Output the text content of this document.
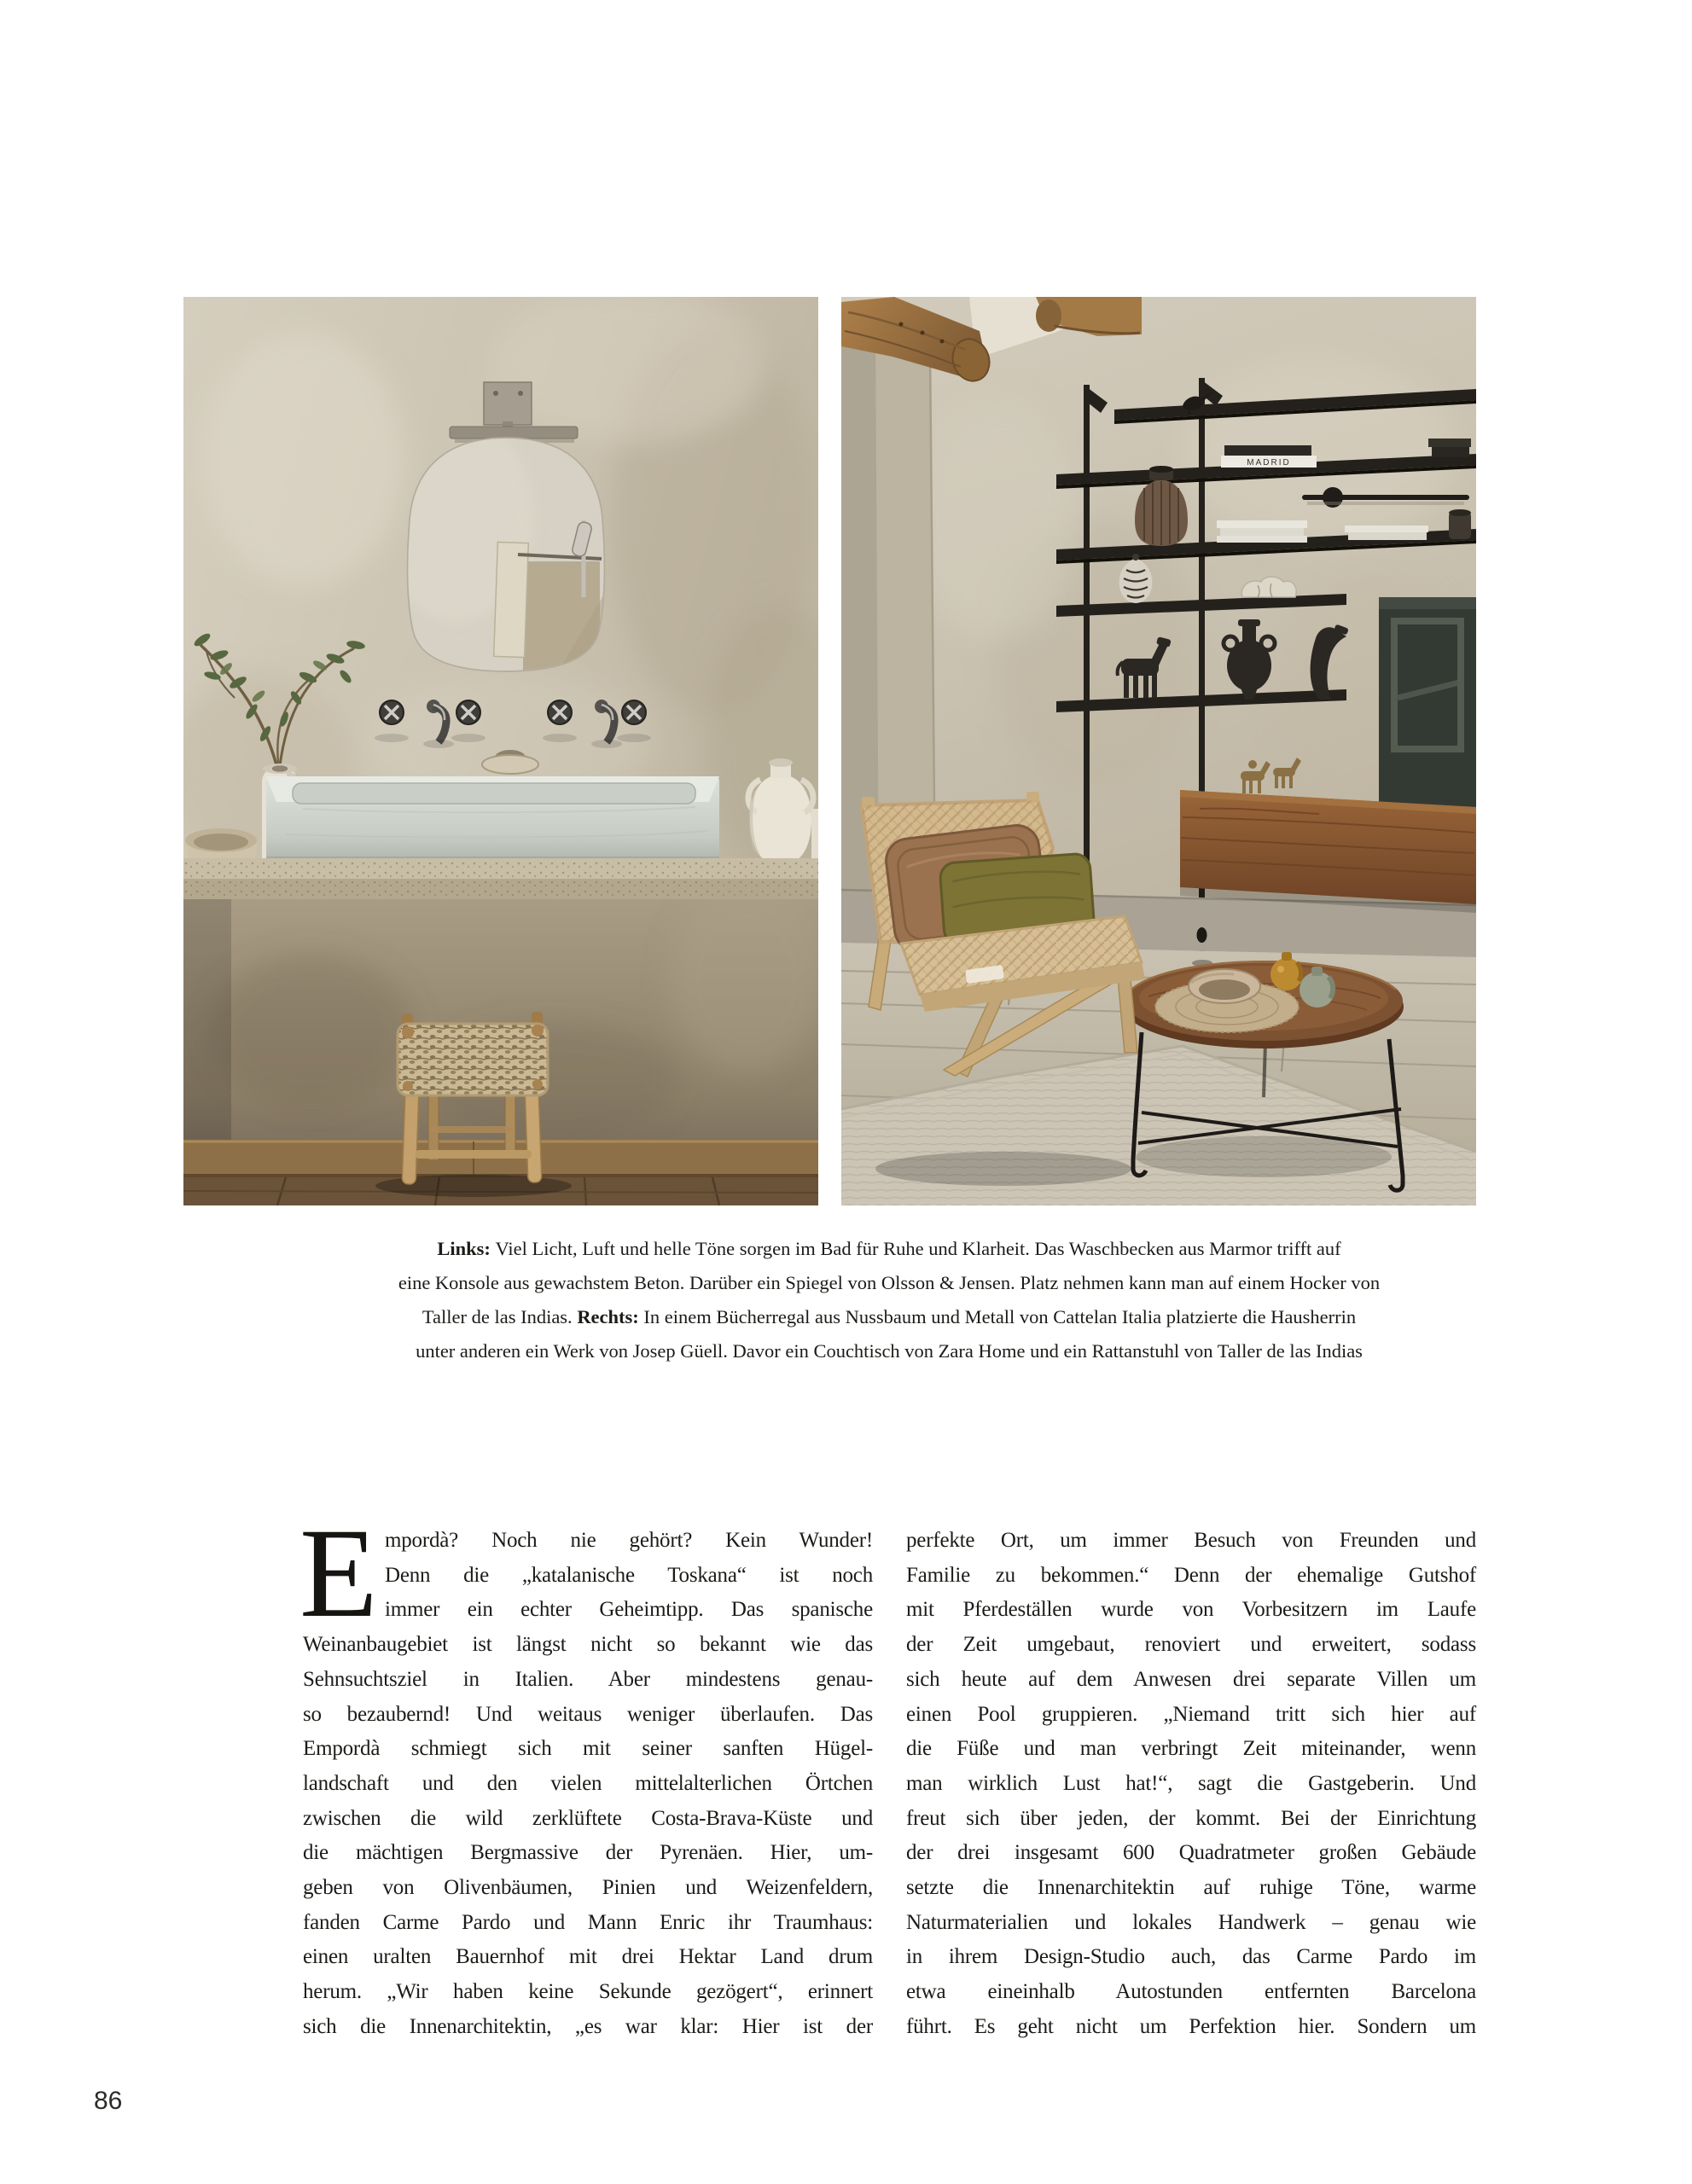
MADRID
Links: Viel Licht, Luft und helle Töne sorgen im Bad für Ruhe und Klarheit. Das Waschbecken aus Marmor trifft auf
eine Konsole aus gewachstem Beton. Darüber ein Spiegel von Olsson & Jensen. Platz nehmen kann man auf einem Hocker von
Taller de las Indias. Rechts: In einem Bücherregal aus Nussbaum und Metall von Cattelan Italia platzierte die Hausherrin
unter anderen ein Werk von Josep Güell. Davor ein Couchtisch von Zara Home und ein Rattanstuhl von Taller de las Indias
E mpordà? Noch nie gehört? Kein Wunder!
Denn die „katalanische Toskana“ ist noch
immer ein echter Geheimtipp. Das spanische
Weinanbaugebiet ist längst nicht so bekannt wie das
Sehnsuchtsziel in Italien. Aber mindestens genau-
so bezaubernd! Und weitaus weniger überlaufen. Das
Empordà schmiegt sich mit seiner sanften Hügel-
landschaft und den vielen mittelalterlichen Örtchen
zwischen die wild zerklüftete Costa-Brava-Küste und
die mächtigen Bergmassive der Pyrenäen. Hier, um-
geben von Olivenbäumen, Pinien und Weizenfeldern,
fanden Carme Pardo und Mann Enric ihr Traumhaus:
einen uralten Bauernhof mit drei Hektar Land drum
herum. „Wir haben keine Sekunde gezögert“, erinnert
sich die Innenarchitektin, „es war klar: Hier ist der
perfekte Ort, um immer Besuch von Freunden und
Familie zu bekommen.“ Denn der ehemalige Gutshof
mit Pferdeställen wurde von Vorbesitzern im Laufe
der Zeit umgebaut, renoviert und erweitert, sodass
sich heute auf dem Anwesen drei separate Villen um
einen Pool gruppieren. „Niemand tritt sich hier auf
die Füße und man verbringt Zeit miteinander, wenn
man wirklich Lust hat!“, sagt die Gastgeberin. Und
freut sich über jeden, der kommt. Bei der Einrichtung
der drei insgesamt 600 Quadratmeter großen Gebäude
setzte die Innenarchitektin auf ruhige Töne, warme
Naturmaterialien und lokales Handwerk – genau wie
in ihrem Design-Studio auch, das Carme Pardo im
etwa eineinhalb Autostunden entfernten Barcelona
führt. Es geht nicht um Perfektion hier. Sondern um
86
